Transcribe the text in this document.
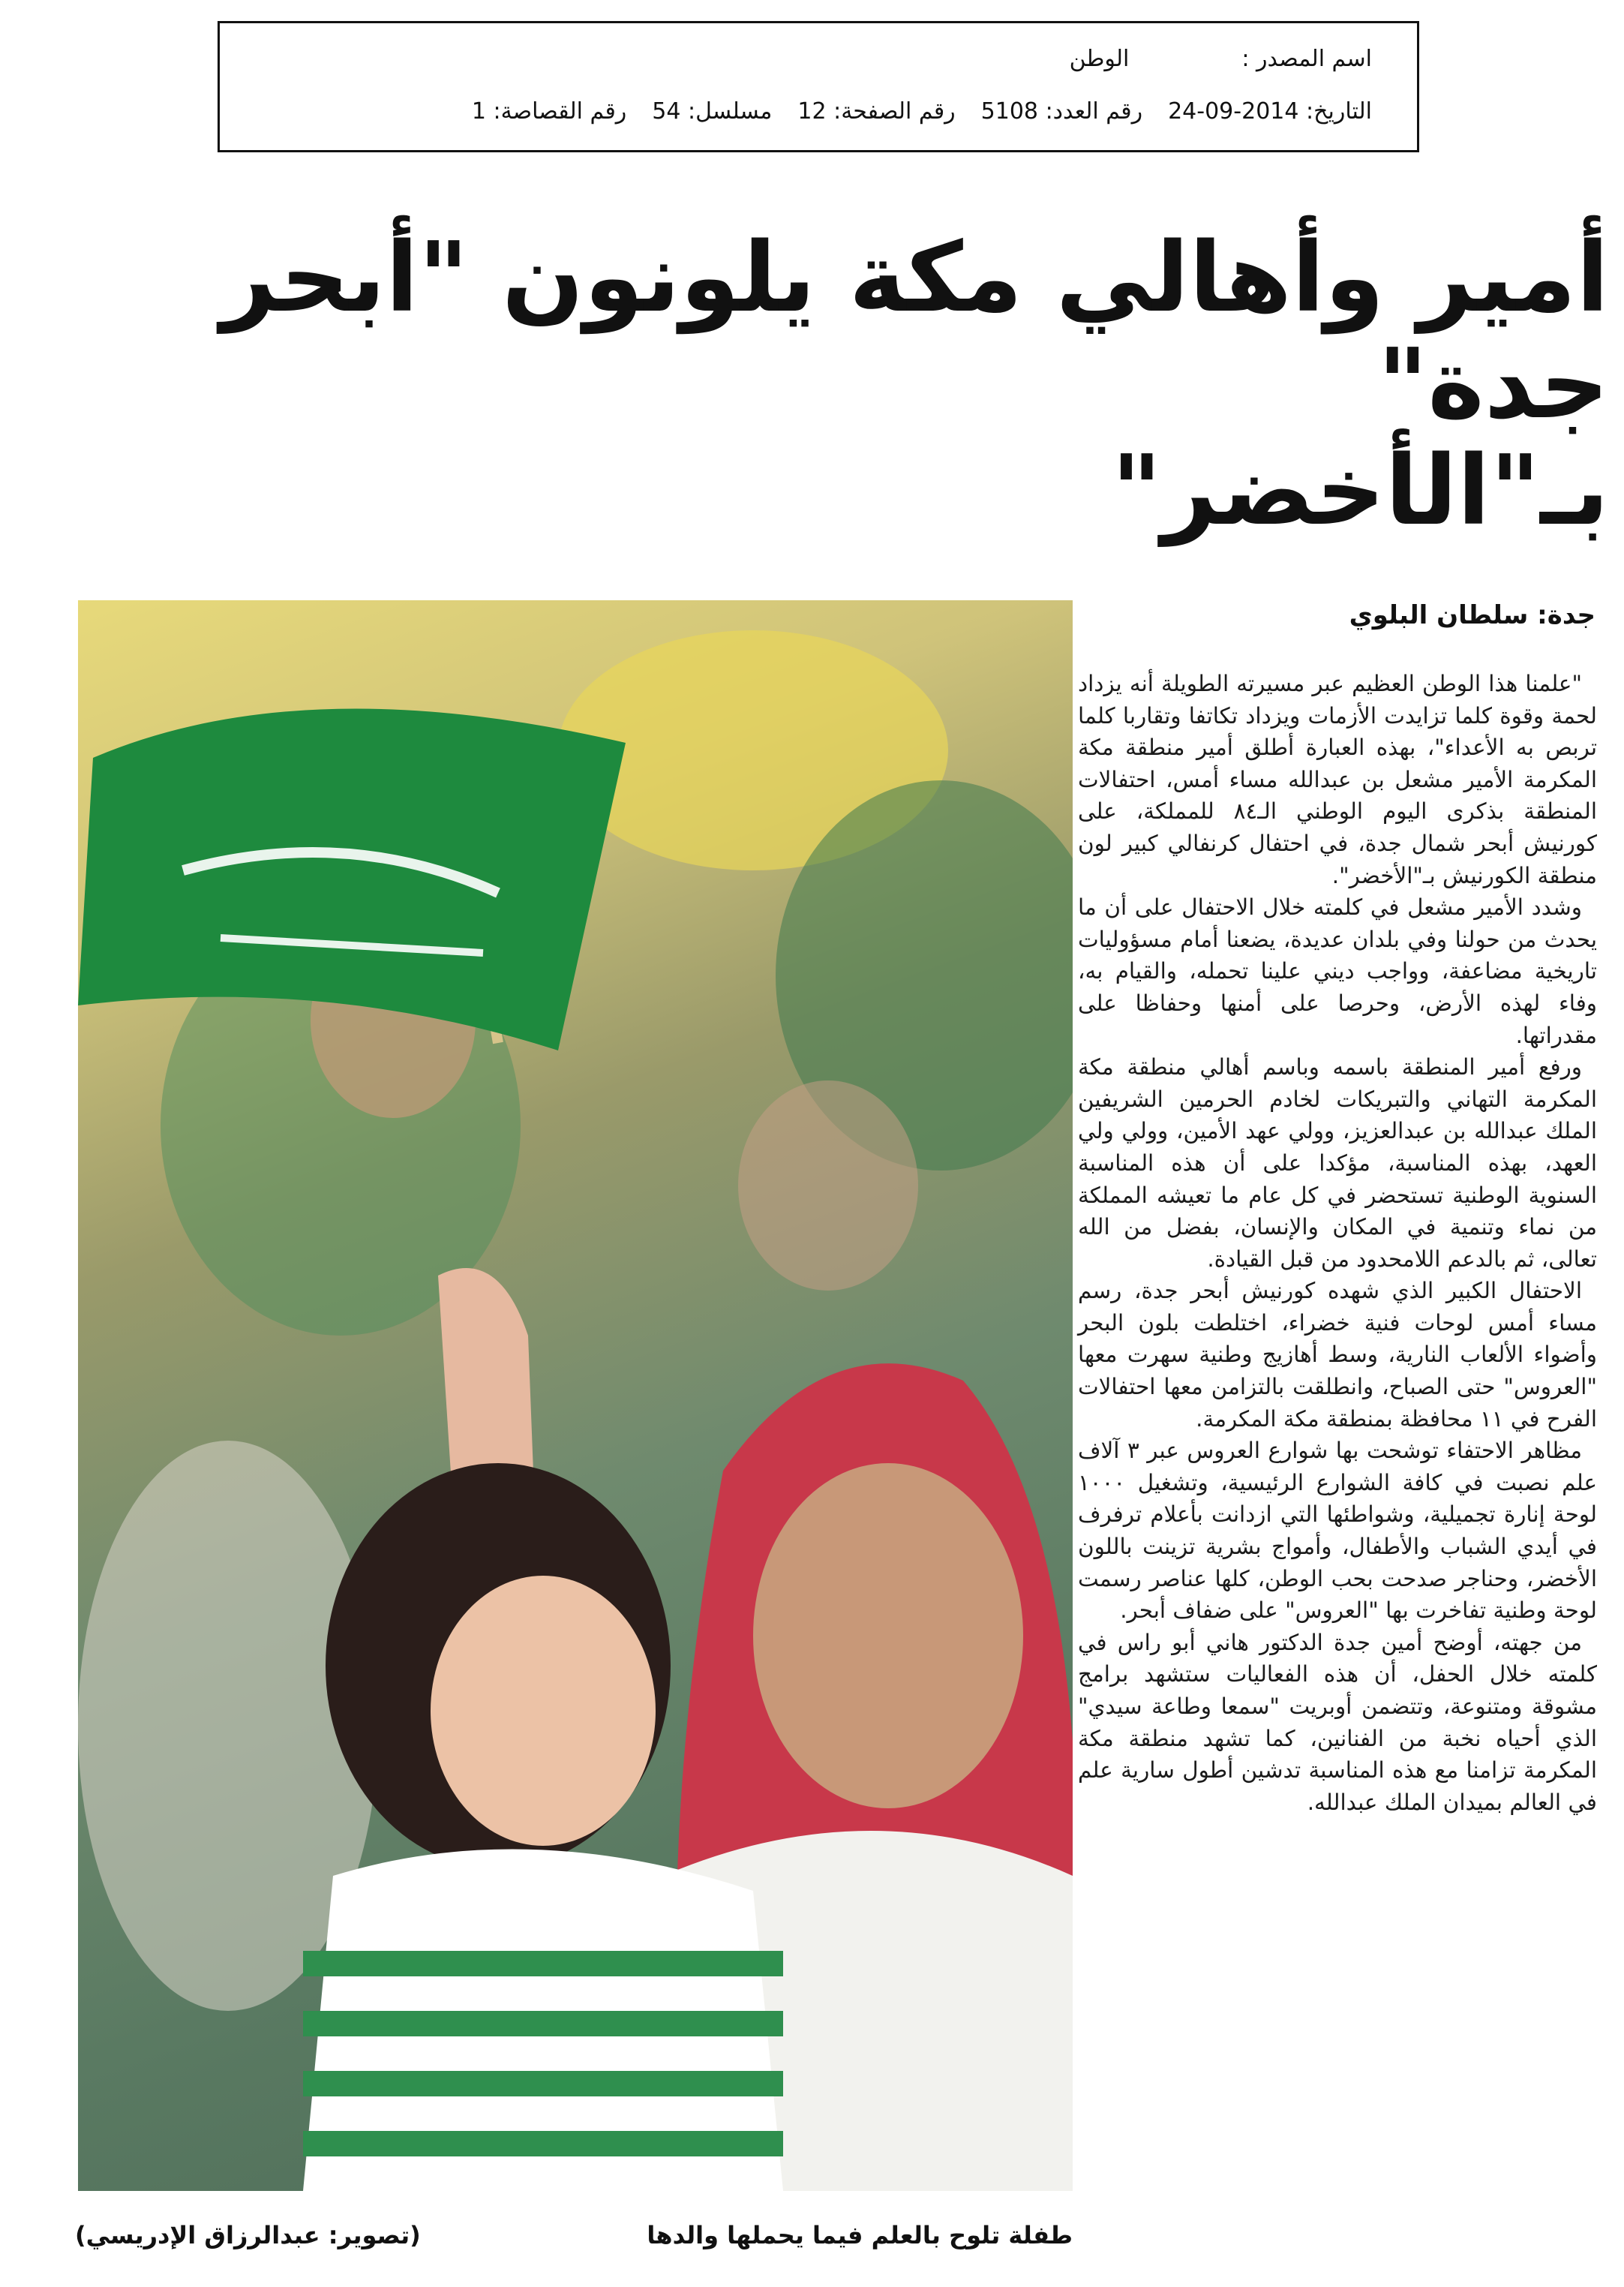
اسم المصدر :الوطن
التاريخ: 2014-09-24
رقم العدد: 5108
رقم الصفحة: 12
مسلسل: 54
رقم القصاصة: 1
أمير وأهالي مكة يلونون "أبحر جدة"
بـ"الأخضر"
جدة: سلطان البلوي
طفلة تلوح بالعلم فيما يحملها والدها
(تصوير: عبدالرزاق الإدريسي)

"علمنا هذا الوطن العظيم عبر مسيرته الطويلة أنه يزداد لحمة وقوة كلما تزايدت الأزمات ويزداد تكاتفا وتقاربا كلما تربص به الأعداء"، بهذه العبارة أطلق أمير منطقة مكة المكرمة الأمير مشعل بن عبدالله مساء أمس، احتفالات المنطقة بذكرى اليوم الوطني الـ٨٤ للمملكة، على كورنيش أبحر شمال جدة، في احتفال كرنفالي كبير لون منطقة الكورنيش بـ"الأخضر".

وشدد الأمير مشعل في كلمته خلال الاحتفال على أن ما يحدث من حولنا وفي بلدان عديدة، يضعنا أمام مسؤوليات تاريخية مضاعفة، وواجب ديني علينا تحمله، والقيام به، وفاء لهذه الأرض، وحرصا على أمنها وحفاظا على مقدراتها.

ورفع أمير المنطقة باسمه وباسم أهالي منطقة مكة المكرمة التهاني والتبريكات لخادم الحرمين الشريفين الملك عبدالله بن عبدالعزيز، وولي عهد الأمين، وولي ولي العهد، بهذه المناسبة، مؤكدا على أن هذه المناسبة السنوية الوطنية تستحضر في كل عام ما تعيشه المملكة من نماء وتنمية في المكان والإنسان، بفضل من الله تعالى، ثم بالدعم اللامحدود من قبل القيادة.

الاحتفال الكبير الذي شهده كورنيش أبحر جدة، رسم مساء أمس لوحات فنية خضراء، اختلطت بلون البحر وأضواء الألعاب النارية، وسط أهازيج وطنية سهرت معها "العروس" حتى الصباح، وانطلقت بالتزامن معها احتفالات الفرح في ١١ محافظة بمنطقة مكة المكرمة.

مظاهر الاحتفاء توشحت بها شوارع العروس عبر ٣ آلاف علم نصبت في كافة الشوارع الرئيسية، وتشغيل ١٠٠٠ لوحة إنارة تجميلية، وشواطئها التي ازدانت بأعلام ترفرف في أيدي الشباب والأطفال، وأمواج بشرية تزينت باللون الأخضر، وحناجر صدحت بحب الوطن، كلها عناصر رسمت لوحة وطنية تفاخرت بها "العروس" على ضفاف أبحر.

من جهته، أوضح أمين جدة الدكتور هاني أبو راس في كلمته خلال الحفل، أن هذه الفعاليات ستشهد برامج مشوقة ومتنوعة، وتتضمن أوبريت "سمعا وطاعة سيدي" الذي أحياه نخبة من الفنانين، كما تشهد منطقة مكة المكرمة تزامنا مع هذه المناسبة تدشين أطول سارية علم في العالم بميدان الملك عبدالله.
